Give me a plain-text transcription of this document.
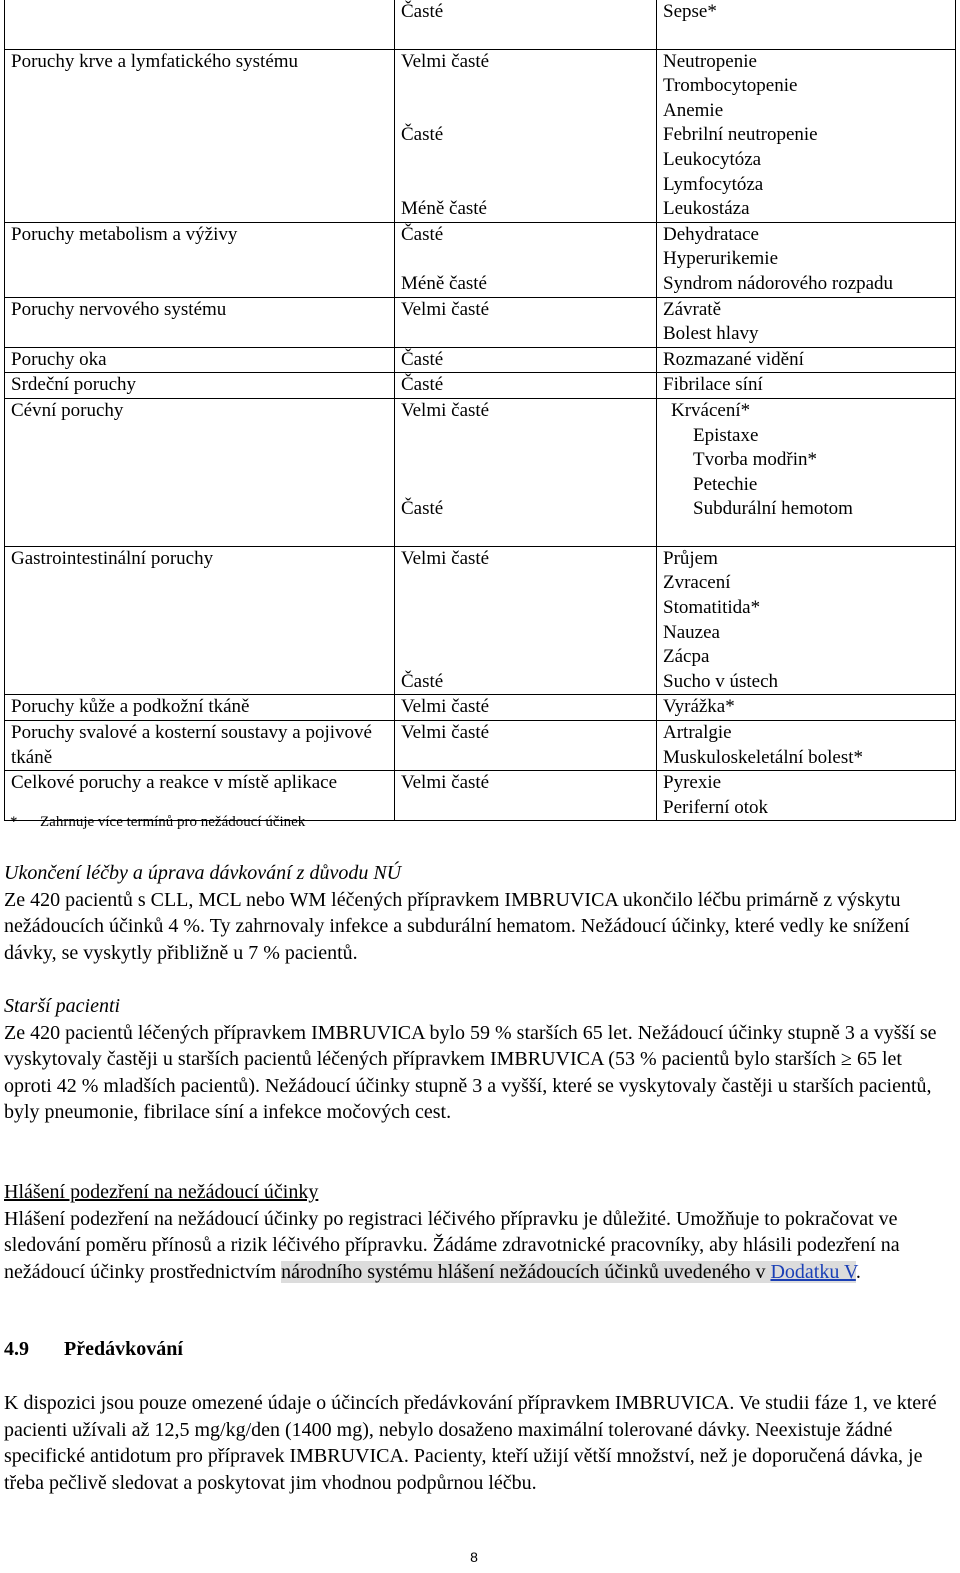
	Časté	Sepse*

Poruchy krve a lymfatického systému	Velmi časté	Neutropenie
Trombocytopenie
Anemie

	Časté	Febrilní neutropenie
Leukocytóza
Lymfocytóza

	Méně časté	Leukostáza

Poruchy metabolism a výživy	Časté	Dehydratace
Hyperurikemie

	Méně časté	Syndrom nádorového rozpadu

Poruchy nervového systému	Velmi časté	Závratě
Bolest hlavy

Poruchy oka	Časté	Rozmazané vidění

Srdeční poruchy	Časté	Fibrilace síní

Cévní poruchy	Velmi časté	Krvácení*
Epistaxe
Tvorba modřin*
Petechie

	Časté	Subdurální hemotom

Gastrointestinální poruchy	Velmi časté	Průjem
Zvracení
Stomatitida*
Nauzea
Zácpa

	Časté	Sucho v ústech

Poruchy kůže a podkožní tkáně	Velmi časté	Vyrážka*

Poruchy svalové a kosterní soustavy a pojivové tkáně	Velmi časté	Artralgie
Muskuloskeletální bolest*

Celkové poruchy a reakce v místě aplikace	Velmi časté	Pyrexie
Periferní otok
* Zahrnuje více termínů pro nežádoucí účinek
Ukončení léčby a úprava dávkování z důvodu NÚ
Ze 420 pacientů s CLL, MCL nebo WM léčených přípravkem IMBRUVICA ukončilo léčbu primárně z výskytu nežádoucích účinků 4 %. Ty zahrnovaly infekce a subdurální hematom. Nežádoucí účinky, které vedly ke snížení dávky, se vyskytly přibližně u 7 % pacientů.
Starší pacienti
Ze 420 pacientů léčených přípravkem IMBRUVICA bylo 59 % starších 65 let. Nežádoucí účinky stupně 3 a vyšší se vyskytovaly častěji u starších pacientů léčených přípravkem IMBRUVICA (53 % pacientů bylo starších ≥ 65 let oproti 42 % mladších pacientů). Nežádoucí účinky stupně 3 a vyšší, které se vyskytovaly častěji u starších pacientů, byly pneumonie, fibrilace síní a infekce močových cest.
Hlášení podezření na nežádoucí účinky
Hlášení podezření na nežádoucí účinky po registraci léčivého přípravku je důležité. Umožňuje to pokračovat ve sledování poměru přínosů a rizik léčivého přípravku. Žádáme zdravotnické pracovníky, aby hlásili podezření na nežádoucí účinky prostřednictvím národního systému hlášení nežádoucích účinků uvedeného v Dodatku V.
4.9 Předávkování
K dispozici jsou pouze omezené údaje o účincích předávkování přípravkem IMBRUVICA. Ve studii fáze 1, ve které pacienti užívali až 12,5 mg/kg/den (1400 mg), nebylo dosaženo maximální tolerované dávky. Neexistuje žádné specifické antidotum pro přípravek IMBRUVICA. Pacienty, kteří užijí větší množství, než je doporučená dávka, je třeba pečlivě sledovat a poskytovat jim vhodnou podpůrnou léčbu.
8
